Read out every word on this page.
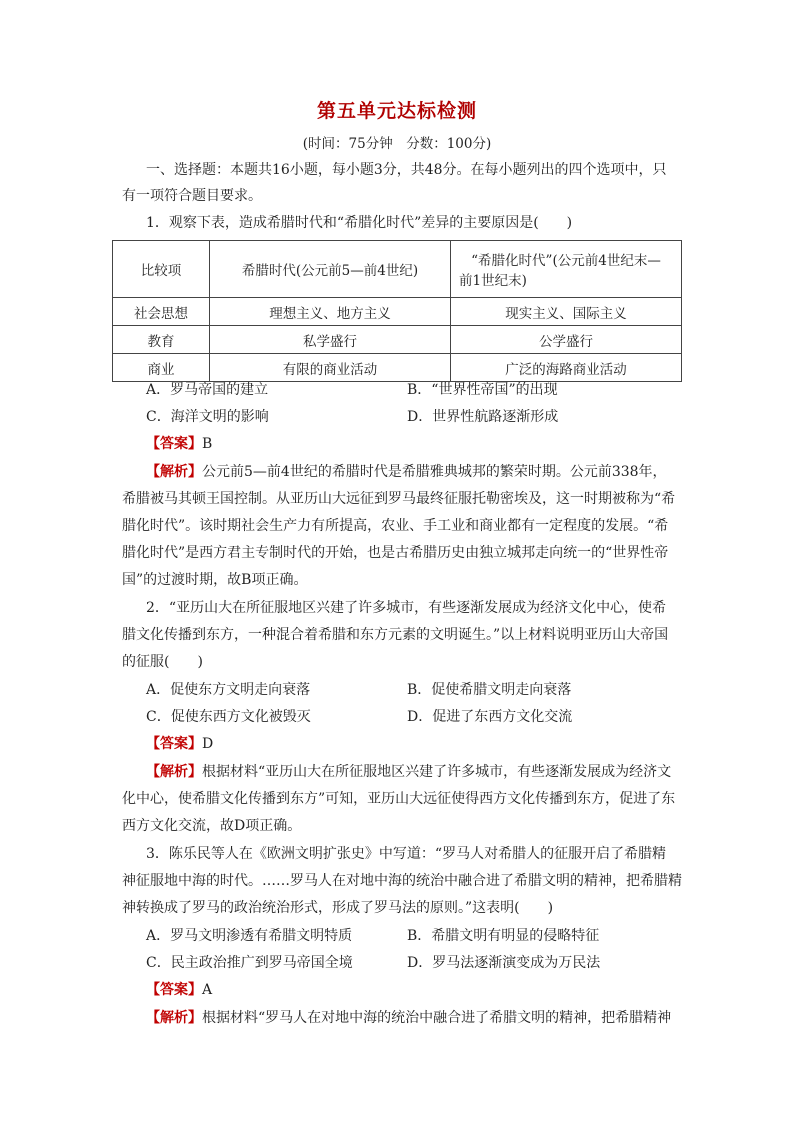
第五单元达标检测
(时间：75分钟　分数：100分)
一、选择题：本题共16小题，每小题3分，共48分。在每小题列出的四个选项中，只
有一项符合题目要求。
1．观察下表，造成希腊时代和“希腊化时代”差异的主要原因是(　　)
比较项	希腊时代(公元前5—前4世纪)	“希腊化时代”(公元前4世纪末—
前1世纪末)

社会思想	理想主义、地方主义	现实主义、国际主义
教育	私学盛行	公学盛行
商业	有限的商业活动	广泛的海路商业活动
A．罗马帝国的建立	B．“世界性帝国”的出现
C．海洋文明的影响	D．世界性航路逐渐形成
【答案】B
【解析】公元前5—前4世纪的希腊时代是希腊雅典城邦的繁荣时期。公元前338年，
希腊被马其顿王国控制。从亚历山大远征到罗马最终征服托勒密埃及，这一时期被称为“希
腊化时代”。该时期社会生产力有所提高，农业、手工业和商业都有一定程度的发展。“希
腊化时代”是西方君主专制时代的开始，也是古希腊历史由独立城邦走向统一的“世界性帝
国”的过渡时期，故B项正确。
2．“亚历山大在所征服地区兴建了许多城市，有些逐渐发展成为经济文化中心，使希
腊文化传播到东方，一种混合着希腊和东方元素的文明诞生。”以上材料说明亚历山大帝国
的征服(　　)
A．促使东方文明走向衰落	B．促使希腊文明走向衰落
C．促使东西方文化被毁灭	D．促进了东西方文化交流
【答案】D
【解析】根据材料“亚历山大在所征服地区兴建了许多城市，有些逐渐发展成为经济文
化中心，使希腊文化传播到东方”可知，亚历山大远征使得西方文化传播到东方，促进了东
西方文化交流，故D项正确。
3．陈乐民等人在《欧洲文明扩张史》中写道：“罗马人对希腊人的征服开启了希腊精
神征服地中海的时代。……罗马人在对地中海的统治中融合进了希腊文明的精神，把希腊精
神转换成了罗马的政治统治形式，形成了罗马法的原则。”这表明(　　)
A．罗马文明渗透有希腊文明特质	B．希腊文明有明显的侵略特征
C．民主政治推广到罗马帝国全境	D．罗马法逐渐演变成为万民法
【答案】A
【解析】根据材料“罗马人在对地中海的统治中融合进了希腊文明的精神，把希腊精神
